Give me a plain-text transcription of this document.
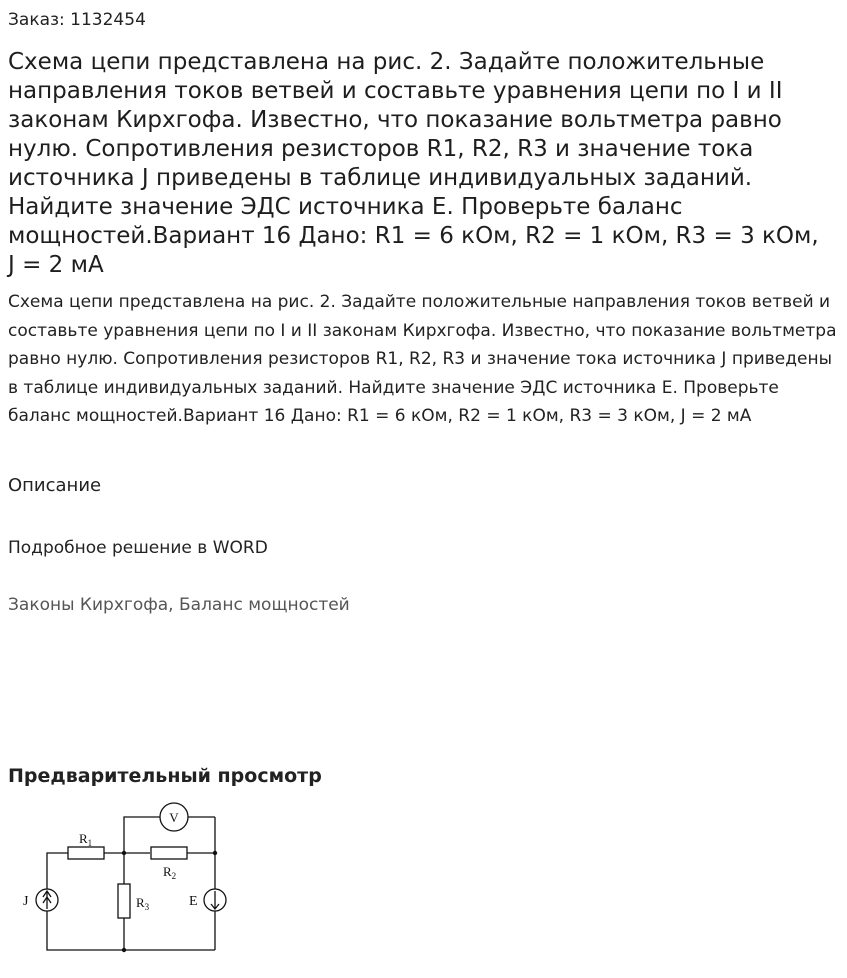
Заказ: 1132454
Схема цепи представлена на рис. 2. Задайте положительные направления токов ветвей и составьте уравнения цепи по I и II законам Кирхгофа. Известно, что показание вольтметра равно нулю. Сопротивления резисторов R1, R2, R3 и значение тока источника J приведены в таблице индивидуальных заданий. Найдите значение ЭДС источника E. Проверьте баланс мощностей.Вариант 16 Дано: R1 = 6 кОм, R2 = 1 кОм, R3 = 3 кОм, J = 2 мА

Схема цепи представлена на рис. 2. Задайте положительные направления токов ветвей и составьте уравнения цепи по I и II законам Кирхгофа. Известно, что показание вольтметра равно нулю. Сопротивления резисторов R1, R2, R3 и значение тока источника J приведены в таблице индивидуальных заданий. Найдите значение ЭДС источника E. Проверьте баланс мощностей.Вариант 16 Дано: R1 = 6 кОм, R2 = 1 кОм, R3 = 3 кОм, J = 2 мА

Описание
Подробное решение в WORD
Законы Кирхгофа, Баланс мощностей
Предварительный просмотр
V
$R_1$
$R_2$
$R_3$
J	E
